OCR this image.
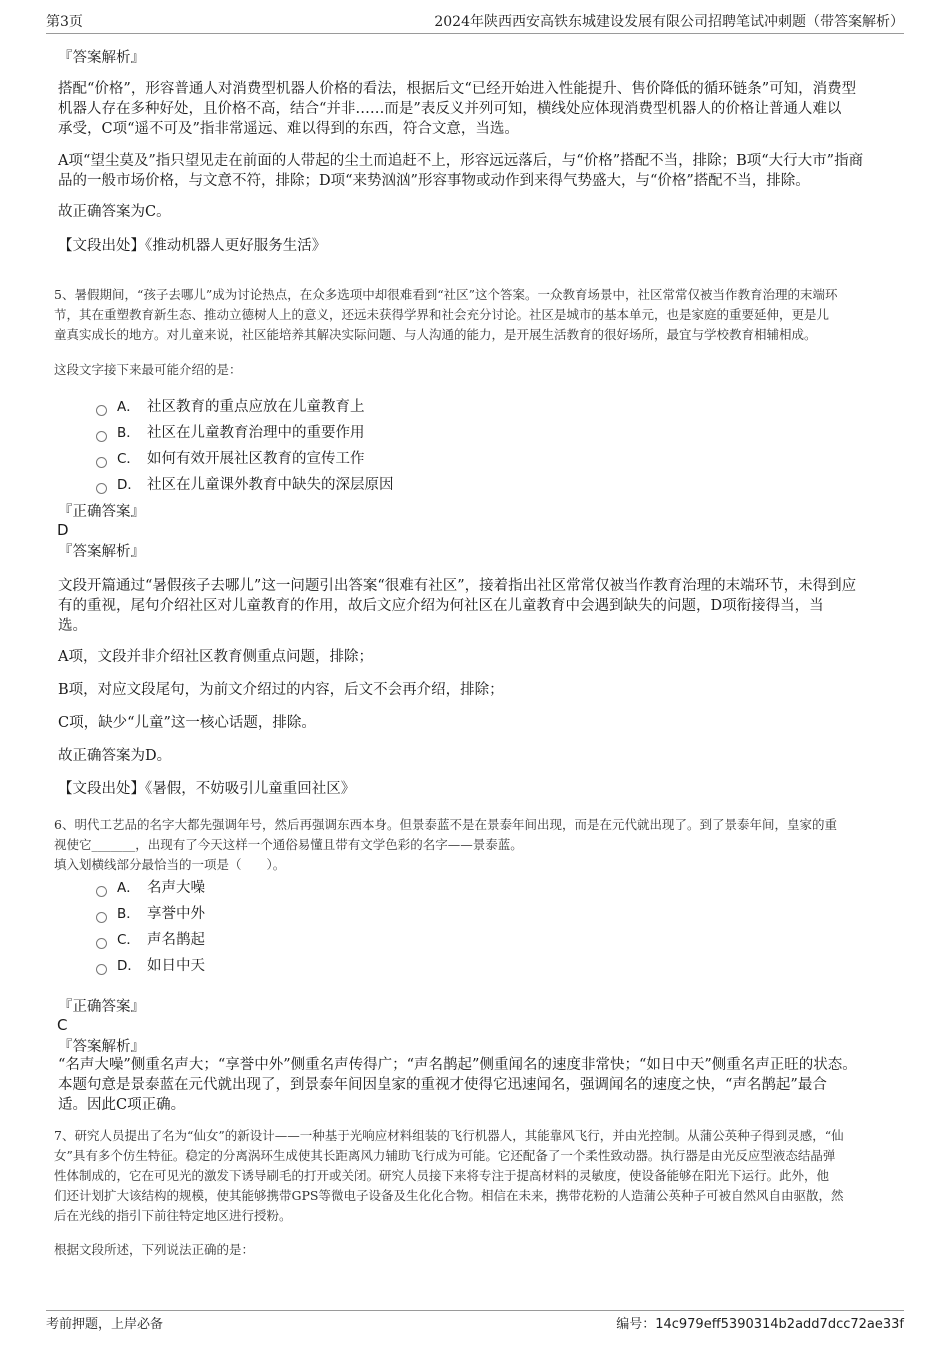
第3页	2024年陕西西安高铁东城建设发展有限公司招聘笔试冲刺题（带答案解析）
『答案解析』
搭配“价格”，形容普通人对消费型机器人价格的看法，根据后文“已经开始进入性能提升、售价降低的循环链条”可知，消费型
机器人存在多种好处，且价格不高，结合“并非……而是”表反义并列可知，横线处应体现消费型机器人的价格让普通人难以
承受，C项“遥不可及”指非常遥远、难以得到的东西，符合文意，当选。
A项“望尘莫及”指只望见走在前面的人带起的尘土而追赶不上，形容远远落后，与“价格”搭配不当，排除；B项“大行大市”指商
品的一般市场价格，与文意不符，排除；D项“来势汹汹”形容事物或动作到来得气势盛大，与“价格”搭配不当，排除。
故正确答案为C。
【文段出处】《推动机器人更好服务生活》
5、暑假期间，“孩子去哪儿”成为讨论热点，在众多选项中却很难看到“社区”这个答案。一众教育场景中，社区常常仅被当作教育治理的末端环
节，其在重塑教育新生态、推动立德树人上的意义，还远未获得学界和社会充分讨论。社区是城市的基本单元，也是家庭的重要延伸，更是儿
童真实成长的地方。对儿童来说，社区能培养其解决实际问题、与人沟通的能力，是开展生活教育的很好场所，最宜与学校教育相辅相成。
这段文字接下来最可能介绍的是：
A． 社区教育的重点应放在儿童教育上
B． 社区在儿童教育治理中的重要作用
C． 如何有效开展社区教育的宣传工作
D． 社区在儿童课外教育中缺失的深层原因
『正确答案』
D
『答案解析』
文段开篇通过“暑假孩子去哪儿”这一问题引出答案“很难有社区”，接着指出社区常常仅被当作教育治理的末端环节，未得到应
有的重视，尾句介绍社区对儿童教育的作用，故后文应介绍为何社区在儿童教育中会遇到缺失的问题，D项衔接得当，当
选。
A项，文段并非介绍社区教育侧重点问题，排除；
B项，对应文段尾句，为前文介绍过的内容，后文不会再介绍，排除；
C项，缺少“儿童”这一核心话题，排除。
故正确答案为D。
【文段出处】《暑假，不妨吸引儿童重回社区》
6、明代工艺品的名字大都先强调年号，然后再强调东西本身。但景泰蓝不是在景泰年间出现，而是在元代就出现了。到了景泰年间，皇家的重
视使它_______，出现有了今天这样一个通俗易懂且带有文学色彩的名字——景泰蓝。
填入划横线部分最恰当的一项是（　　）。
A． 名声大噪
B． 享誉中外
C． 声名鹊起
D． 如日中天
『正确答案』
C
『答案解析』
“名声大噪”侧重名声大；“享誉中外”侧重名声传得广；“声名鹊起”侧重闻名的速度非常快；“如日中天”侧重名声正旺的状态。
本题句意是景泰蓝在元代就出现了，到景泰年间因皇家的重视才使得它迅速闻名，强调闻名的速度之快，“声名鹊起”最合
适。因此C项正确。
7、研究人员提出了名为“仙女”的新设计——一种基于光响应材料组装的飞行机器人，其能靠风飞行，并由光控制。从蒲公英种子得到灵感，“仙
女”具有多个仿生特征。稳定的分离涡环生成使其长距离风力辅助飞行成为可能。它还配备了一个柔性致动器。执行器是由光反应型液态结晶弹
性体制成的，它在可见光的激发下诱导刷毛的打开或关闭。研究人员接下来将专注于提高材料的灵敏度，使设备能够在阳光下运行。此外，他
们还计划扩大该结构的规模，使其能够携带GPS等微电子设备及生化化合物。相信在未来，携带花粉的人造蒲公英种子可被自然风自由驱散，然
后在光线的指引下前往特定地区进行授粉。
根据文段所述，下列说法正确的是：
考前押题，上岸必备	编号：14c979eff5390314b2add7dcc72ae33f
